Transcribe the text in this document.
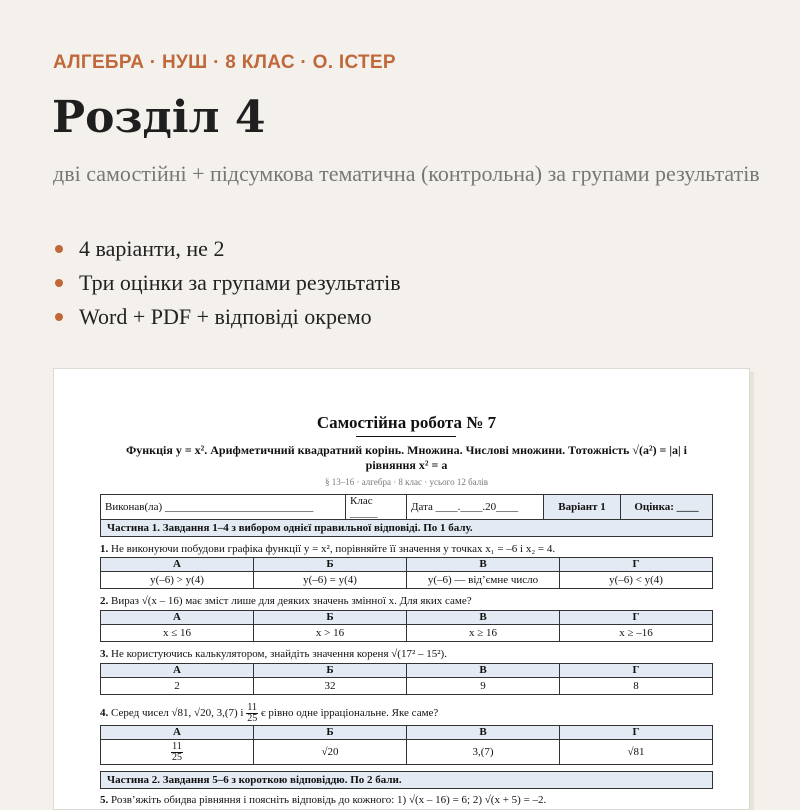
АЛГЕБРА · НУШ · 8 КЛАС · О. ІСТЕР
Розділ 4
дві самостійні + підсумкова тематична (контрольна) за групами результатів
4 варіанти, не 2
Три оцінки за групами результатів
Word + PDF + відповіді окремо
Самостійна робота № 7
Функція y = x². Арифметичний квадратний корінь. Множина. Числові множини. Тотожність √(a²) = |a| і рівняння x² = a
§ 13–16 · алгебра · 8 клас · усього 12 балів
Виконав(ла) ___________________________	Клас _____	Дата ____.____.20____	Варіант 1	Оцінка: ____
Частина 1. Завдання 1–4 з вибором однієї правильної відповіді. По 1 балу.
1. Не виконуючи побудови графіка функції y = x², порівняйте її значення у точках x₁ = –6 і x₂ = 4.
А	Б	В	Г
y(–6) > y(4)	y(–6) = y(4)	y(–6) — від’ємне число	y(–6) < y(4)
2. Вираз √(x – 16) має зміст лише для деяких значень змінної x. Для яких саме?
А	Б	В	Г
x ≤ 16	x > 16	x ≥ 16	x ≥ –16
3. Не користуючись калькулятором, знайдіть значення кореня √(17² – 15²).
А	Б	В	Г
2	32	9	8
4. Серед чисел √81, √20, 3,(7) і $\frac{11}{25}$ є рівно одне ірраціональне. Яке саме?
А	Б	В	Г

$\frac{11}{25}$	√20	3,(7)	√81
Частина 2. Завдання 5–6 з короткою відповіддю. По 2 бали.
5. Розв’яжіть обидва рівняння і поясніть відповідь до кожного: 1) √(x – 16) = 6; 2) √(x + 5) = –2.
